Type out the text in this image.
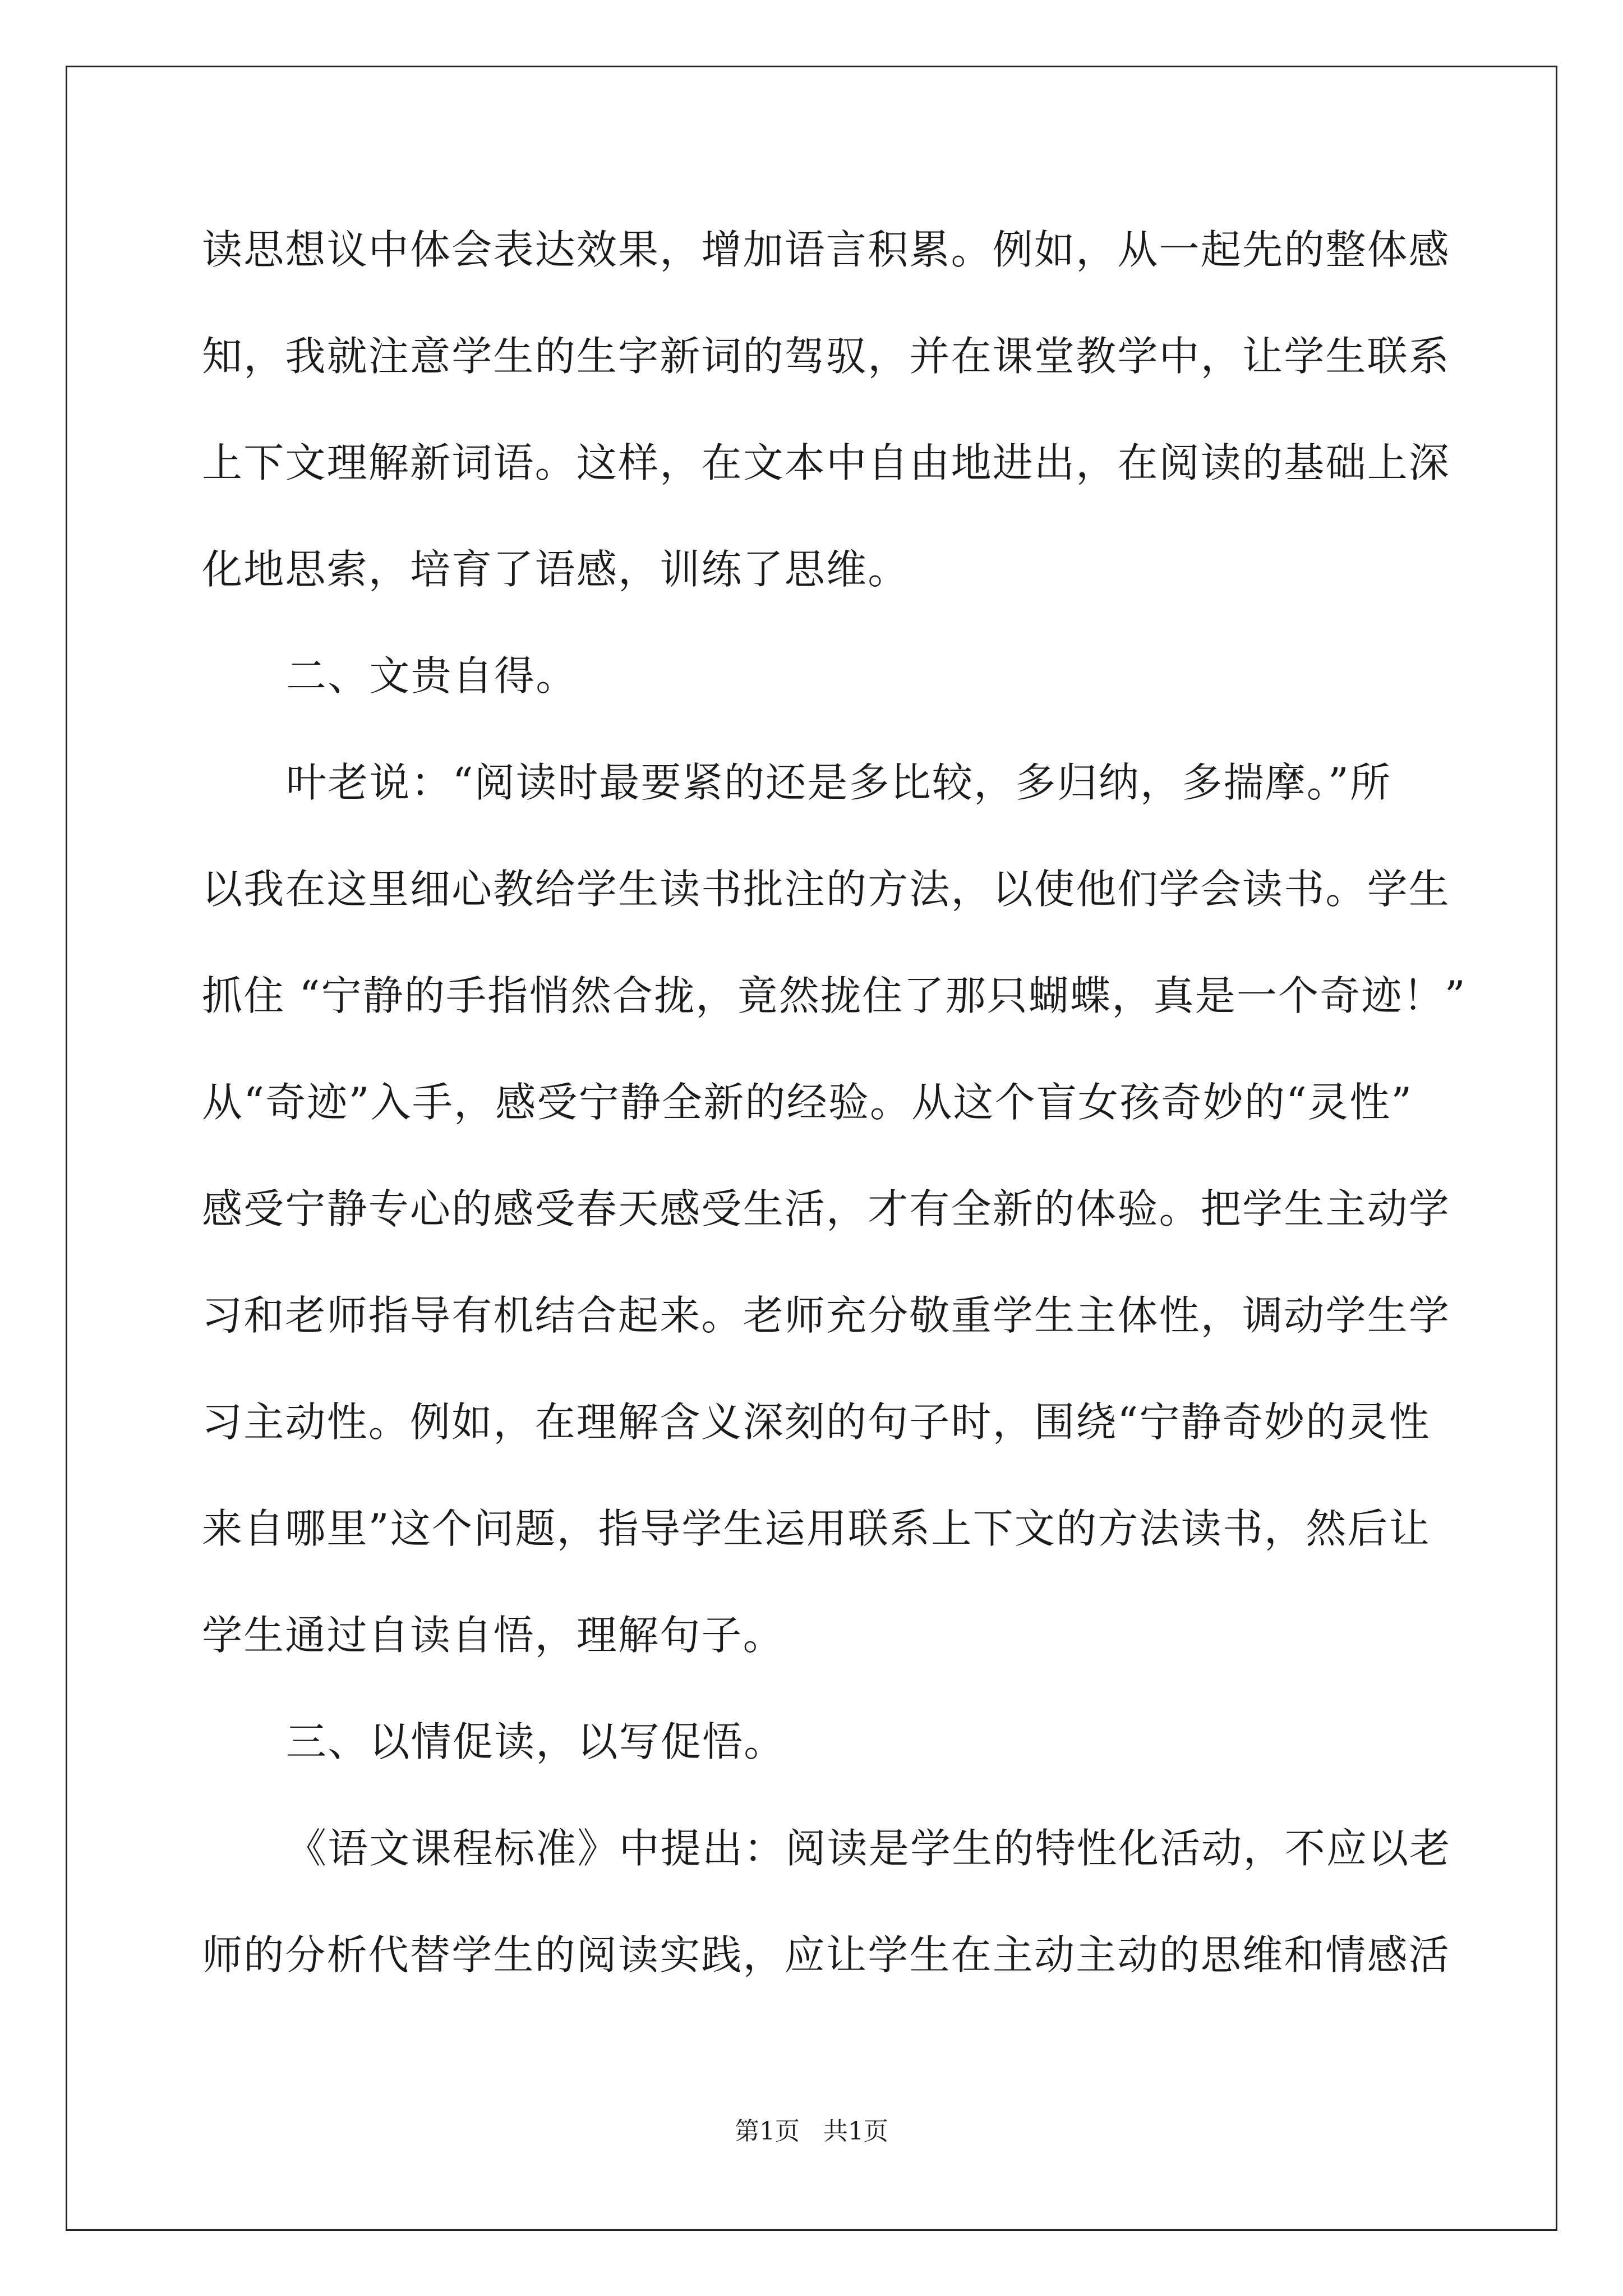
读思想议中体会表达效果，增加语言积累。例如，从一起先的整体感
知，我就注意学生的生字新词的驾驭，并在课堂教学中，让学生联系
上下文理解新词语。这样，在文本中自由地进出，在阅读的基础上深
化地思索，培育了语感，训练了思维。
二、文贵自得。
叶老说：“阅读时最要紧的还是多比较，多归纳，多揣摩。”所
以我在这里细心教给学生读书批注的方法，以使他们学会读书。学生
抓住 “宁静的手指悄然合拢，竟然拢住了那只蝴蝶，真是一个奇迹！”
从“奇迹”入手，感受宁静全新的经验。从这个盲女孩奇妙的“灵性”
感受宁静专心的感受春天感受生活，才有全新的体验。把学生主动学
习和老师指导有机结合起来。老师充分敬重学生主体性，调动学生学
习主动性。例如，在理解含义深刻的句子时，围绕“宁静奇妙的灵性
来自哪里”这个问题，指导学生运用联系上下文的方法读书，然后让
学生通过自读自悟，理解句子。
三、以情促读，以写促悟。
《语文课程标准》中提出：阅读是学生的特性化活动，不应以老
师的分析代替学生的阅读实践，应让学生在主动主动的思维和情感活
第1页   共1页
